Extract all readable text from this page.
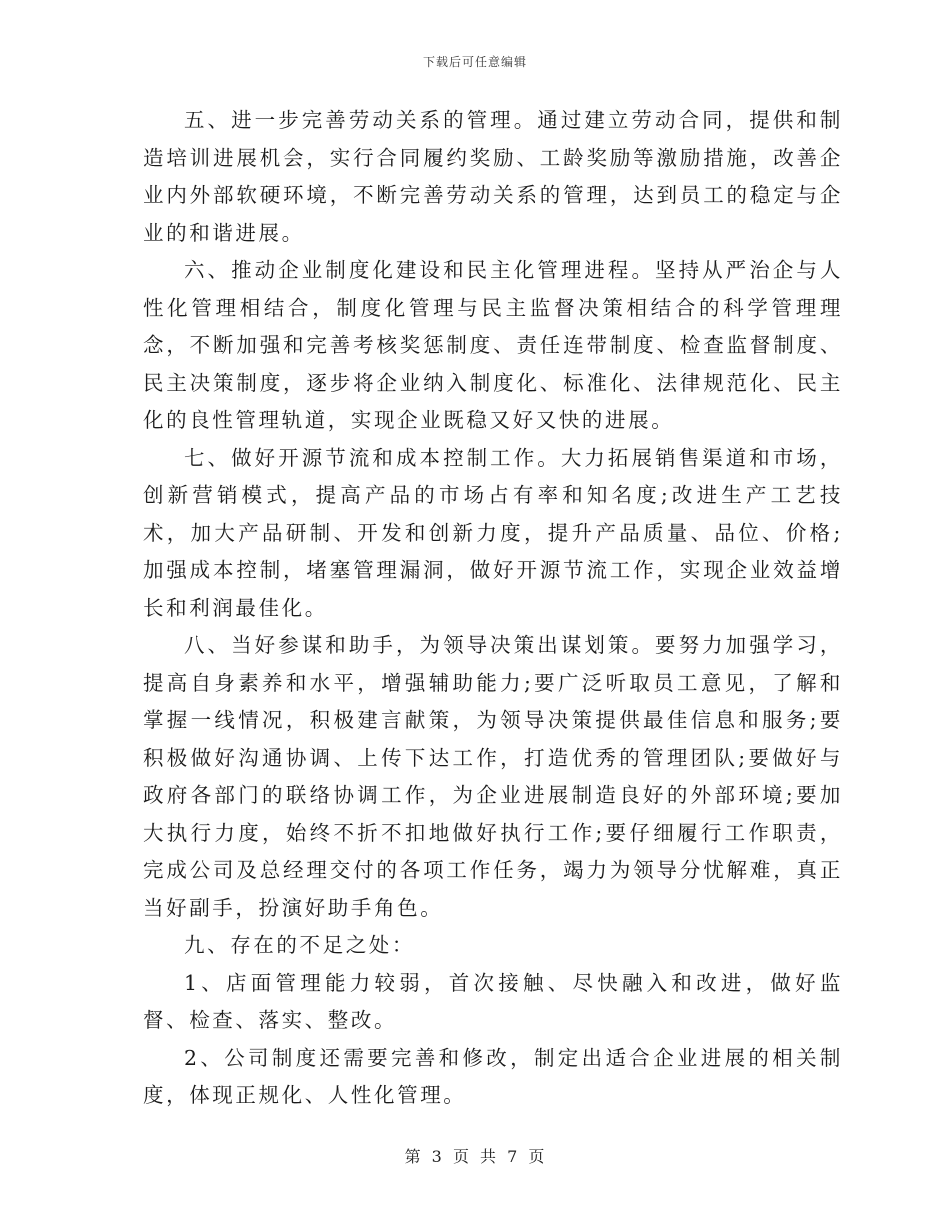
下载后可任意编辑

五、进一步完善劳动关系的管理。通过建立劳动合同，提供和制造培训进展机会，实行合同履约奖励、工龄奖励等激励措施，改善企业内外部软硬环境，不断完善劳动关系的管理，达到员工的稳定与企业的和谐进展。

六、推动企业制度化建设和民主化管理进程。坚持从严治企与人性化管理相结合，制度化管理与民主监督决策相结合的科学管理理念，不断加强和完善考核奖惩制度、责任连带制度、检查监督制度、民主决策制度，逐步将企业纳入制度化、标准化、法律规范化、民主化的良性管理轨道，实现企业既稳又好又快的进展。

七、做好开源节流和成本控制工作。大力拓展销售渠道和市场，创新营销模式，提高产品的市场占有率和知名度;改进生产工艺技术，加大产品研制、开发和创新力度，提升产品质量、品位、价格;加强成本控制，堵塞管理漏洞，做好开源节流工作，实现企业效益增长和利润最佳化。

八、当好参谋和助手，为领导决策出谋划策。要努力加强学习，提高自身素养和水平，增强辅助能力;要广泛听取员工意见，了解和掌握一线情况，积极建言献策，为领导决策提供最佳信息和服务;要积极做好沟通协调、上传下达工作，打造优秀的管理团队;要做好与政府各部门的联络协调工作，为企业进展制造良好的外部环境;要加大执行力度，始终不折不扣地做好执行工作;要仔细履行工作职责，完成公司及总经理交付的各项工作任务，竭力为领导分忧解难，真正当好副手，扮演好助手角色。

九、存在的不足之处：

1、店面管理能力较弱，首次接触、尽快融入和改进，做好监督、检查、落实、整改。

2、公司制度还需要完善和修改，制定出适合企业进展的相关制度，体现正规化、人性化管理。

第 3 页 共 7 页
